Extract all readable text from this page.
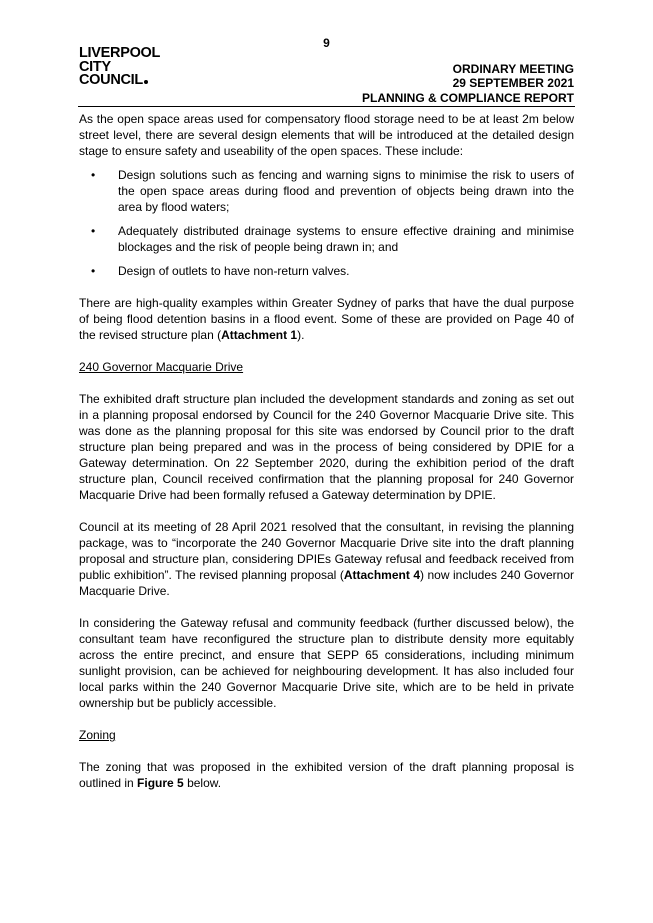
9
LIVERPOOL
CITY
COUNCIL
ORDINARY MEETING
29 SEPTEMBER 2021
PLANNING & COMPLIANCE REPORT

As the open space areas used for compensatory flood storage need to be at least 2m below street level, there are several design elements that will be introduced at the detailed design stage to ensure safety and useability of the open spaces. These include:

• Design solutions such as fencing and warning signs to minimise the risk to users of the open space areas during flood and prevention of objects being drawn into the area by flood waters;
• Adequately distributed drainage systems to ensure effective draining and minimise blockages and the risk of people being drawn in; and
• Design of outlets to have non-return valves.

There are high-quality examples within Greater Sydney of parks that have the dual purpose of being flood detention basins in a flood event. Some of these are provided on Page 40 of the revised structure plan (Attachment 1).

240 Governor Macquarie Drive

The exhibited draft structure plan included the development standards and zoning as set out in a planning proposal endorsed by Council for the 240 Governor Macquarie Drive site. This was done as the planning proposal for this site was endorsed by Council prior to the draft structure plan being prepared and was in the process of being considered by DPIE for a Gateway determination. On 22 September 2020, during the exhibition period of the draft structure plan, Council received confirmation that the planning proposal for 240 Governor Macquarie Drive had been formally refused a Gateway determination by DPIE.

Council at its meeting of 28 April 2021 resolved that the consultant, in revising the planning package, was to “incorporate the 240 Governor Macquarie Drive site into the draft planning proposal and structure plan, considering DPIEs Gateway refusal and feedback received from public exhibition”. The revised planning proposal (Attachment 4) now includes 240 Governor Macquarie Drive.

In considering the Gateway refusal and community feedback (further discussed below), the consultant team have reconfigured the structure plan to distribute density more equitably across the entire precinct, and ensure that SEPP 65 considerations, including minimum sunlight provision, can be achieved for neighbouring development. It has also included four local parks within the 240 Governor Macquarie Drive site, which are to be held in private ownership but be publicly accessible.

Zoning

The zoning that was proposed in the exhibited version of the draft planning proposal is outlined in Figure 5 below.
